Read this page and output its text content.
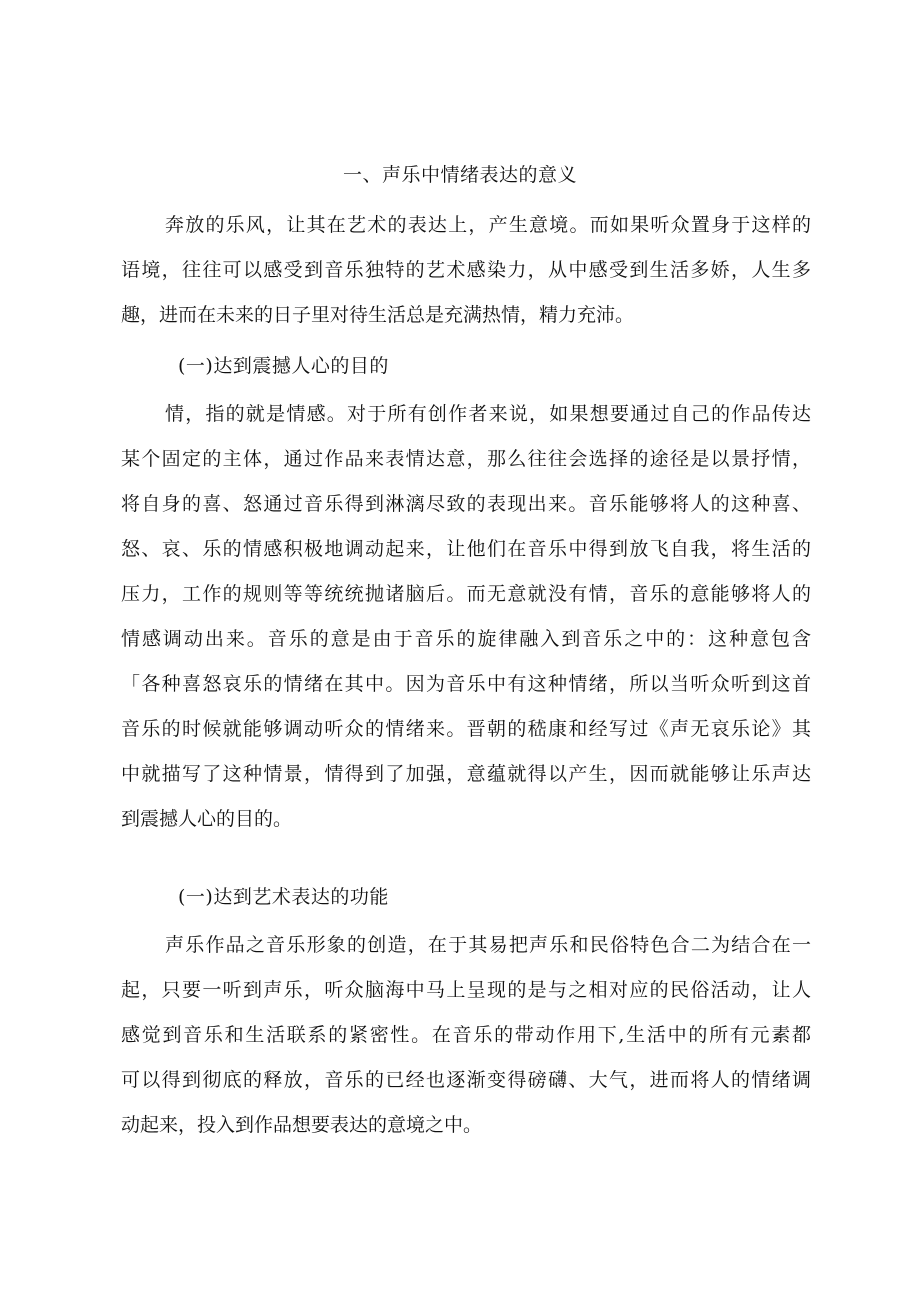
一、声乐中情绪表达的意义

奔放的乐风，让其在艺术的表达上，产生意境。而如果听众置身于这样的
语境，往往可以感受到音乐独特的艺术感染力，从中感受到生活多娇，人生多
趣，进而在未来的日子里对待生活总是充满热情，精力充沛。

(一)达到震撼人心的目的

情，指的就是情感。对于所有创作者来说，如果想要通过自己的作品传达
某个固定的主体，通过作品来表情达意，那么往往会选择的途径是以景抒情，
将自身的喜、怒通过音乐得到淋漓尽致的表现出来。音乐能够将人的这种喜、
怒、哀、乐的情感积极地调动起来，让他们在音乐中得到放飞自我，将生活的
压力，工作的规则等等统统抛诸脑后。而无意就没有情，音乐的意能够将人的
情感调动出来。音乐的意是由于音乐的旋律融入到音乐之中的：这种意包含
「各种喜怒哀乐的情绪在其中。因为音乐中有这种情绪，所以当听众听到这首
音乐的时候就能够调动听众的情绪来。晋朝的嵇康和经写过《声无哀乐论》其
中就描写了这种情景，情得到了加强，意蕴就得以产生，因而就能够让乐声达
到震撼人心的目的。

(一)达到艺术表达的功能

声乐作品之音乐形象的创造，在于其易把声乐和民俗特色合二为结合在一
起，只要一听到声乐，听众脑海中马上呈现的是与之相对应的民俗活动，让人
感觉到音乐和生活联系的紧密性。在音乐的带动作用下,生活中的所有元素都
可以得到彻底的释放，音乐的已经也逐渐变得磅礴、大气，进而将人的情绪调
动起来，投入到作品想要表达的意境之中。
